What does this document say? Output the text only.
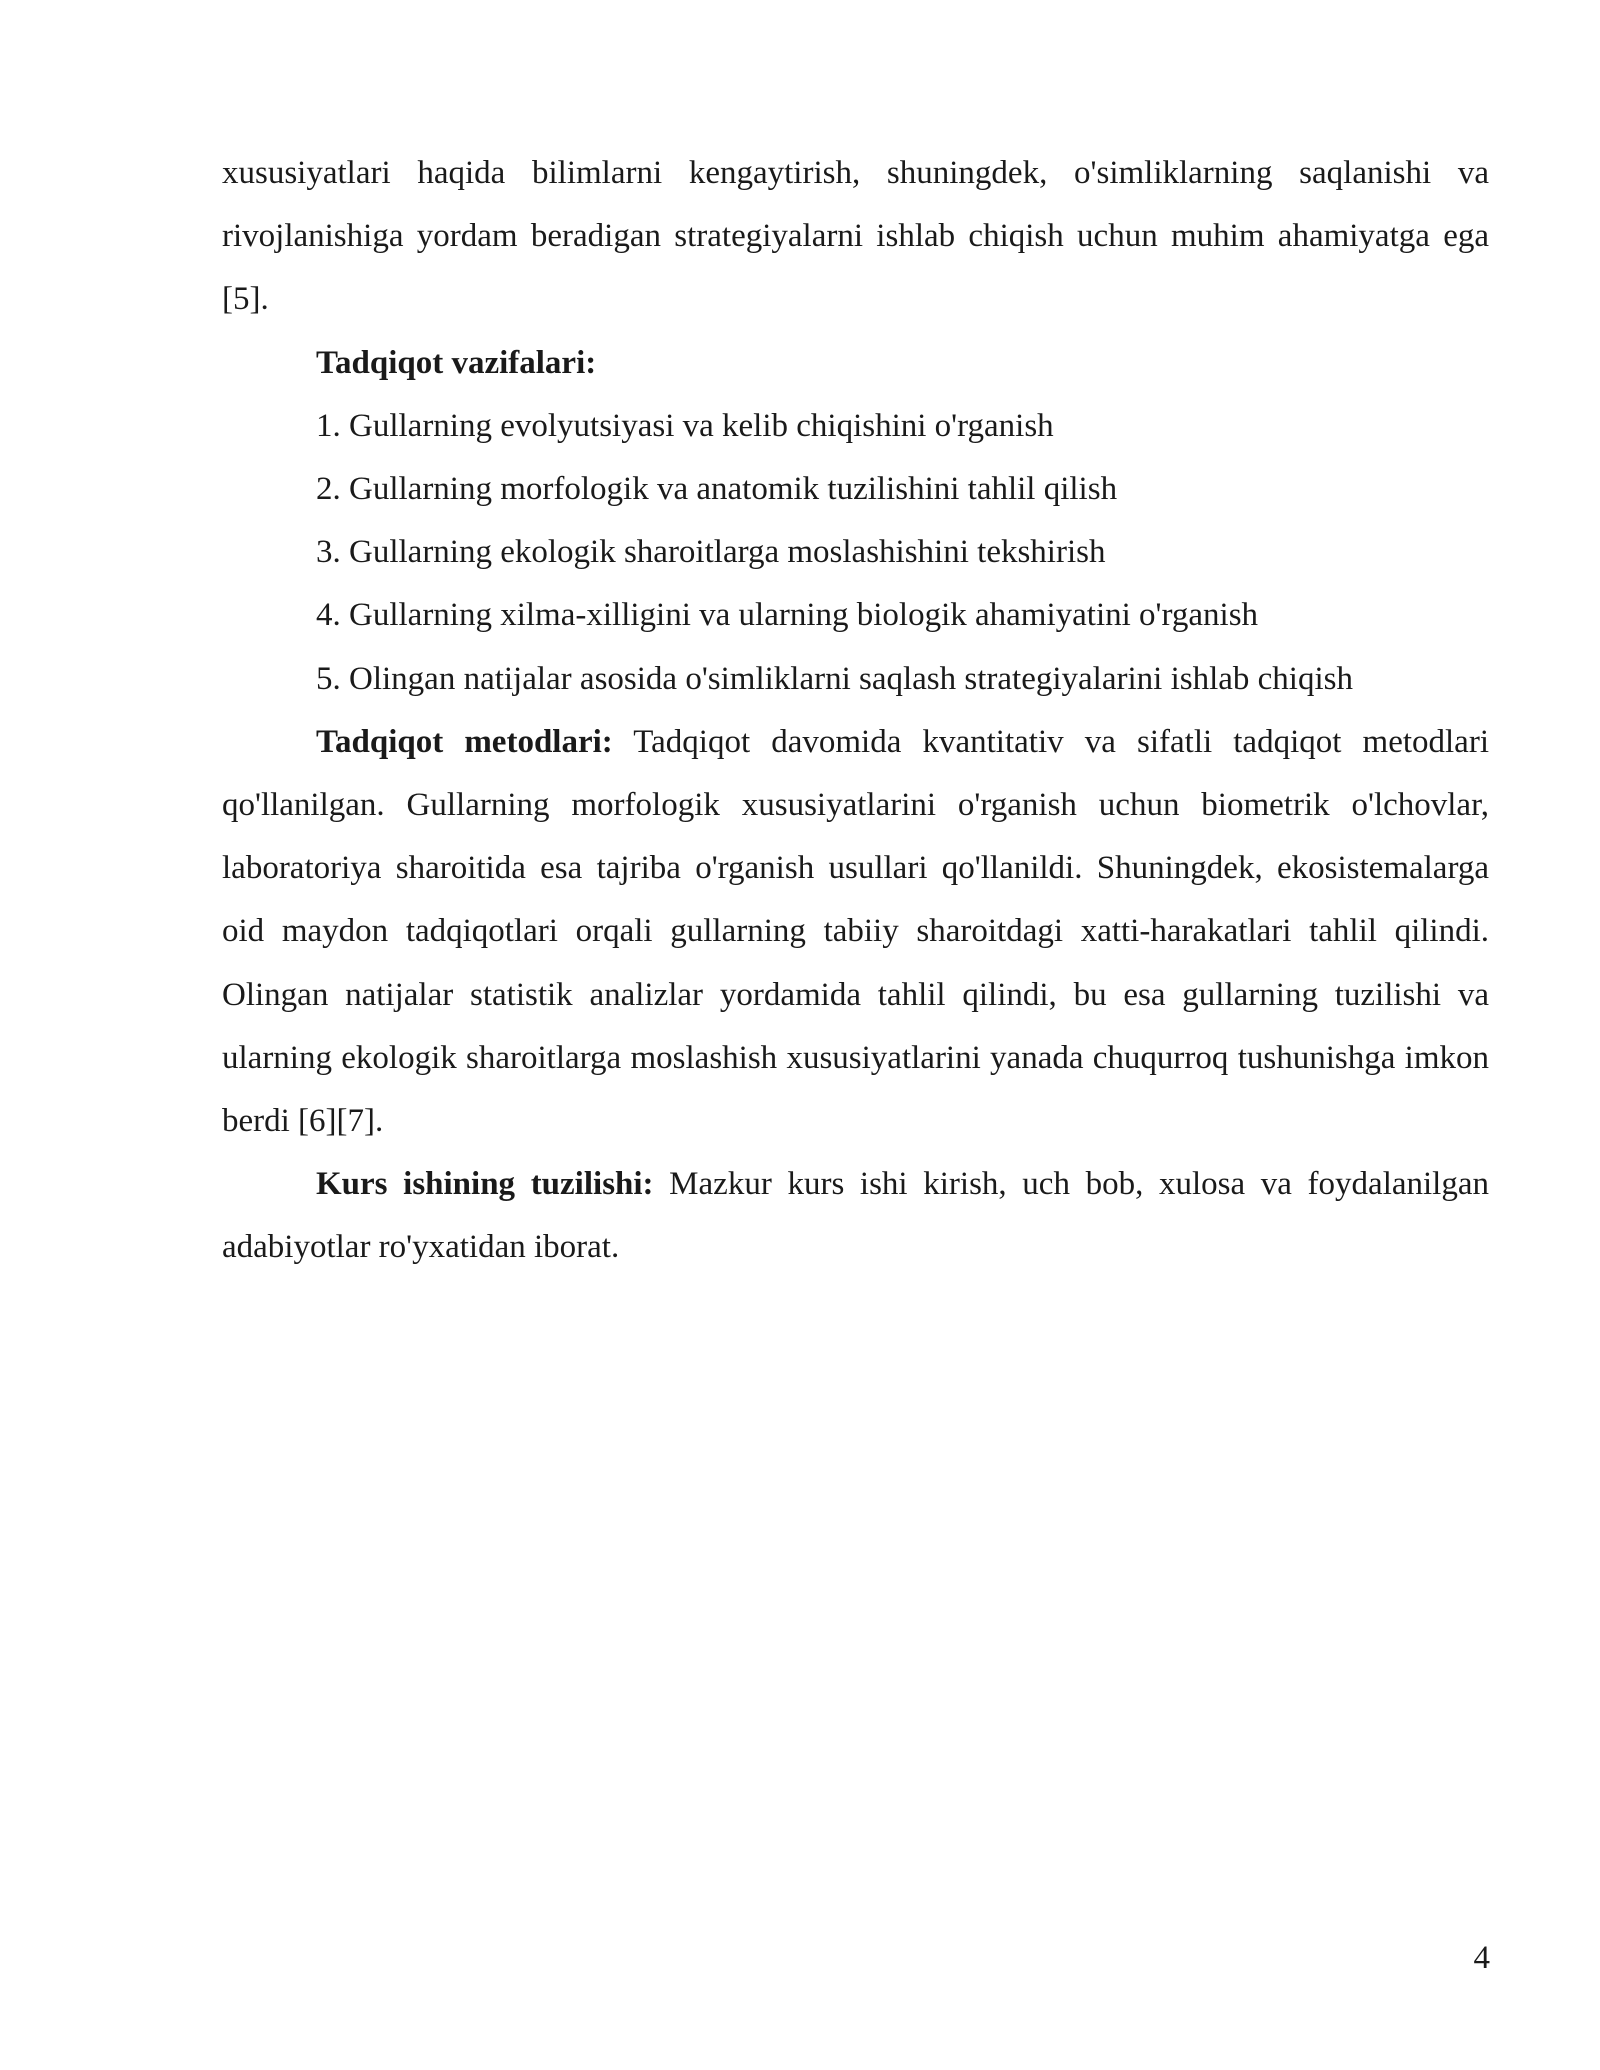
xususiyatlari haqida bilimlarni kengaytirish, shuningdek, o'simliklarning saqlanishi va rivojlanishiga yordam beradigan strategiyalarni ishlab chiqish uchun muhim ahamiyatga ega [5].

Tadqiqot vazifalari:

1. Gullarning evolyutsiyasi va kelib chiqishini o'rganish

2. Gullarning morfologik va anatomik tuzilishini tahlil qilish

3. Gullarning ekologik sharoitlarga moslashishini tekshirish

4. Gullarning xilma-xilligini va ularning biologik ahamiyatini o'rganish

5. Olingan natijalar asosida o'simliklarni saqlash strategiyalarini ishlab chiqish

Tadqiqot metodlari: Tadqiqot davomida kvantitativ va sifatli tadqiqot metodlari qo'llanilgan. Gullarning morfologik xususiyatlarini o'rganish uchun biometrik o'lchovlar, laboratoriya sharoitida esa tajriba o'rganish usullari qo'llanildi. Shuningdek, ekosistemalarga oid maydon tadqiqotlari orqali gullarning tabiiy sharoitdagi xatti-harakatlari tahlil qilindi. Olingan natijalar statistik analizlar yordamida tahlil qilindi, bu esa gullarning tuzilishi va ularning ekologik sharoitlarga moslashish xususiyatlarini yanada chuqurroq tushunishga imkon berdi [6][7].

Kurs ishining tuzilishi: Mazkur kurs ishi kirish, uch bob, xulosa va foydalanilgan adabiyotlar ro'yxatidan iborat.

4
